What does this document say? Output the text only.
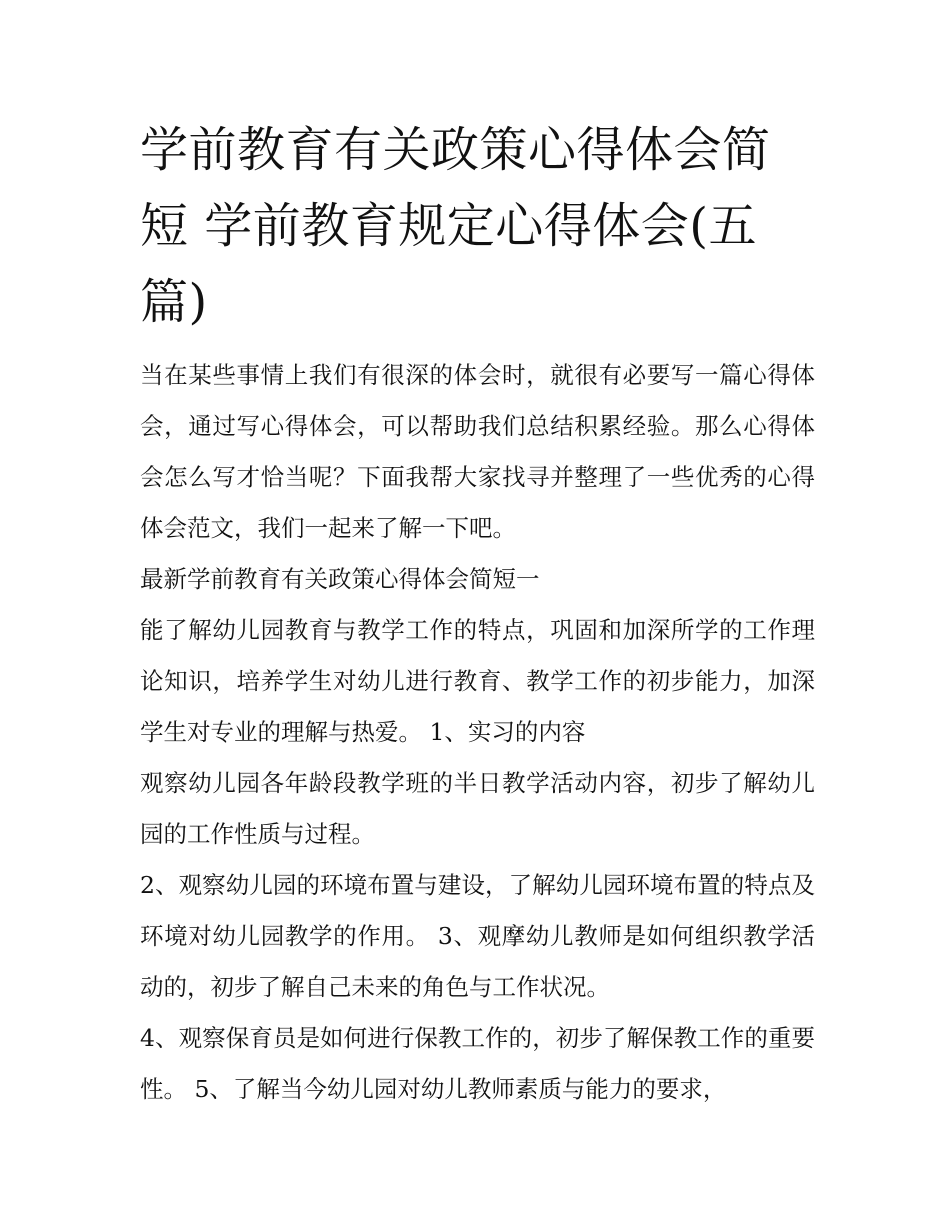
学前教育有关政策心得体会简短 学前教育规定心得体会(五篇)

当在某些事情上我们有很深的体会时，就很有必要写一篇心得体会，通过写心得体会，可以帮助我们总结积累经验。那么心得体会怎么写才恰当呢？下面我帮大家找寻并整理了一些优秀的心得体会范文，我们一起来了解一下吧。

最新学前教育有关政策心得体会简短一

能了解幼儿园教育与教学工作的特点，巩固和加深所学的工作理论知识，培养学生对幼儿进行教育、教学工作的初步能力，加深学生对专业的理解与热爱。 1、实习的内容

观察幼儿园各年龄段教学班的半日教学活动内容，初步了解幼儿园的工作性质与过程。

2、观察幼儿园的环境布置与建设，了解幼儿园环境布置的特点及环境对幼儿园教学的作用。 3、观摩幼儿教师是如何组织教学活动的，初步了解自己未来的角色与工作状况。

4、观察保育员是如何进行保教工作的，初步了解保教工作的重要性。 5、了解当今幼儿园对幼儿教师素质与能力的要求，
